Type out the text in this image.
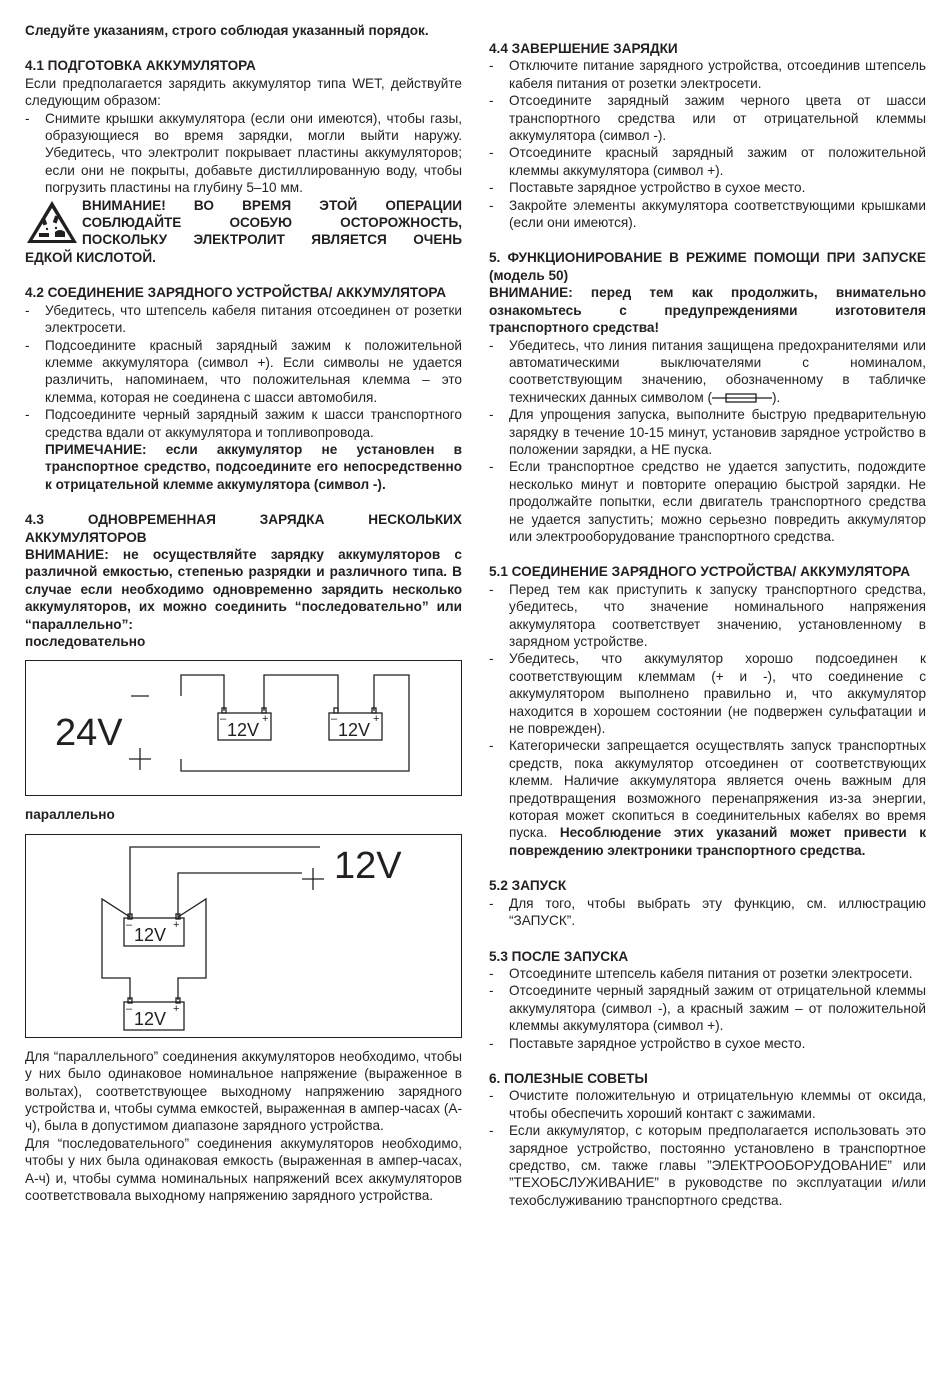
Следуйте указаниям, строго соблюдая указанный порядок.

4.1 ПОДГОТОВКА АККУМУЛЯТОРА

Если предполагается зарядить аккумулятор типа WET, действуйте следующим образом:

- Снимите крышки аккумулятора (если они имеются), чтобы газы, образующиеся во время зарядки, могли выйти наружу. Убедитесь, что электролит покрывает пластины аккумуляторов; если они не покрыты, добавьте дистиллированную воду, чтобы погрузить пластины на глубину 5–10 мм.
ВНИМАНИЕ! ВО ВРЕМЯ ЭТОЙ ОПЕРАЦИИ
СОБЛЮДАЙТЕ ОСОБУЮ ОСТОРОЖНОСТЬ,
ПОСКОЛЬКУ ЭЛЕКТРОЛИТ ЯВЛЯЕТСЯ ОЧЕНЬ
ЕДКОЙ КИСЛОТОЙ.
4.2 СОЕДИНЕНИЕ ЗАРЯДНОГО УСТРОЙСТВА/ АККУМУЛЯТОРА
- Убедитесь, что штепсель кабеля питания отсоединен от розетки электросети.
- Подсоедините красный зарядный зажим к положительной клемме аккумулятора (символ +). Если символы не удается различить, напоминаем, что положительная клемма – это клемма, которая не соединена с шасси автомобиля.
- Подсоедините черный зарядный зажим к шасси транспортного средства вдали от аккумулятора и топливопровода.

ПРИМЕЧАНИЕ: если аккумулятор не установлен в транспортное средство, подсоедините его непосредственно к отрицательной клемме аккумулятора (символ -).

4.3 ОДНОВРЕМЕННАЯ ЗАРЯДКА НЕСКОЛЬКИХ АККУМУЛЯТОРОВ

ВНИМАНИЕ: не осуществляйте зарядку аккумуляторов с различной емкостью, степенью разрядки и различного типа. В случае если необходимо одновременно зарядить несколько аккумуляторов, их можно соединить “последовательно” или “параллельно”:

последовательно

24V	12V	12V
–	+	–	+

параллельно

12V
12V
12V
–	+
–	+

Для “параллельного” соединения аккумуляторов необходимо, чтобы у них было одинаковое номинальное напряжение (выраженное в вольтах), соответствующее выходному напряжению зарядного устройства и, чтобы сумма емкостей, выраженная в ампер-часах (А-ч), была в допустимом диапазоне зарядного устройства.

Для “последовательного” соединения аккумуляторов необходимо, чтобы у них была одинаковая емкость (выраженная в ампер-часах, А-ч) и, чтобы сумма номинальных напряжений всех аккумуляторов соответствовала выходному напряжению зарядного устройства.

4.4 ЗАВЕРШЕНИЕ ЗАРЯДКИ
- Отключите питание зарядного устройства, отсоединив штепсель кабеля питания от розетки электросети.
- Отсоедините зарядный зажим черного цвета от шасси транспортного средства или от отрицательной клеммы аккумулятора (символ -).
- Отсоедините красный зарядный зажим от положительной клеммы аккумулятора (символ +).
- Поставьте зарядное устройство в сухое место.
- Закройте элементы аккумулятора соответствующими крышками (если они имеются).
5. ФУНКЦИОНИРОВАНИЕ В РЕЖИМЕ ПОМОЩИ ПРИ ЗАПУСКЕ (модель 50)

ВНИМАНИЕ: перед тем как продолжить, внимательно ознакомьтесь с предупреждениями изготовителя транспортного средства!

- Убедитесь, что линия питания защищена предохранителями или автоматическими выключателями с номиналом, соответствующим значению, обозначенному в табличке технических данных символом (	).
- Для упрощения запуска, выполните быструю предварительную зарядку в течение 10-15 минут, установив зарядное устройство в положении зарядки, а НЕ пуска.
- Если транспортное средство не удается запустить, подождите несколько минут и повторите операцию быстрой зарядки. Не продолжайте попытки, если двигатель транспортного средства не удается запустить; можно серьезно повредить аккумулятор или электрооборудование транспортного средства.
5.1 СОЕДИНЕНИЕ ЗАРЯДНОГО УСТРОЙСТВА/ АККУМУЛЯТОРА
- Перед тем как приступить к запуску транспортного средства, убедитесь, что значение номинального напряжения аккумулятора соответствует значению, установленному в зарядном устройстве.
- Убедитесь, что аккумулятор хорошо подсоединен к соответствующим клеммам (+ и -), что соединение с аккумулятором выполнено правильно и, что аккумулятор находится в хорошем состоянии (не подвержен сульфатации и не поврежден).
- Категорически запрещается осуществлять запуск транспортных средств, пока аккумулятор отсоединен от соответствующих клемм. Наличие аккумулятора является очень важным для предотвращения возможного перенапряжения из-за энергии, которая может скопиться в соединительных кабелях во время пуска. Несоблюдение этих указаний может привести к повреждению электроники транспортного средства.
5.2 ЗАПУСК
- Для того, чтобы выбрать эту функцию, см. иллюстрацию “ЗАПУСК”.
5.3 ПОСЛЕ ЗАПУСКА
- Отсоедините штепсель кабеля питания от розетки электросети.
- Отсоедините черный зарядный зажим от отрицательной клеммы аккумулятора (символ -), а красный зажим – от положительной клеммы аккумулятора (символ +).
- Поставьте зарядное устройство в сухое место.
6. ПОЛЕЗНЫЕ СОВЕТЫ
- Очистите положительную и отрицательную клеммы от оксида, чтобы обеспечить хороший контакт с зажимами.
- Если аккумулятор, с которым предполагается использовать это зарядное устройство, постоянно установлено в транспортное средство, см. также главы ”ЭЛЕКТРООБОРУДОВАНИЕ” или ”ТЕХОБСЛУЖИВАНИЕ” в руководстве по эксплуатации и/или техобслуживанию транспортного средства.
